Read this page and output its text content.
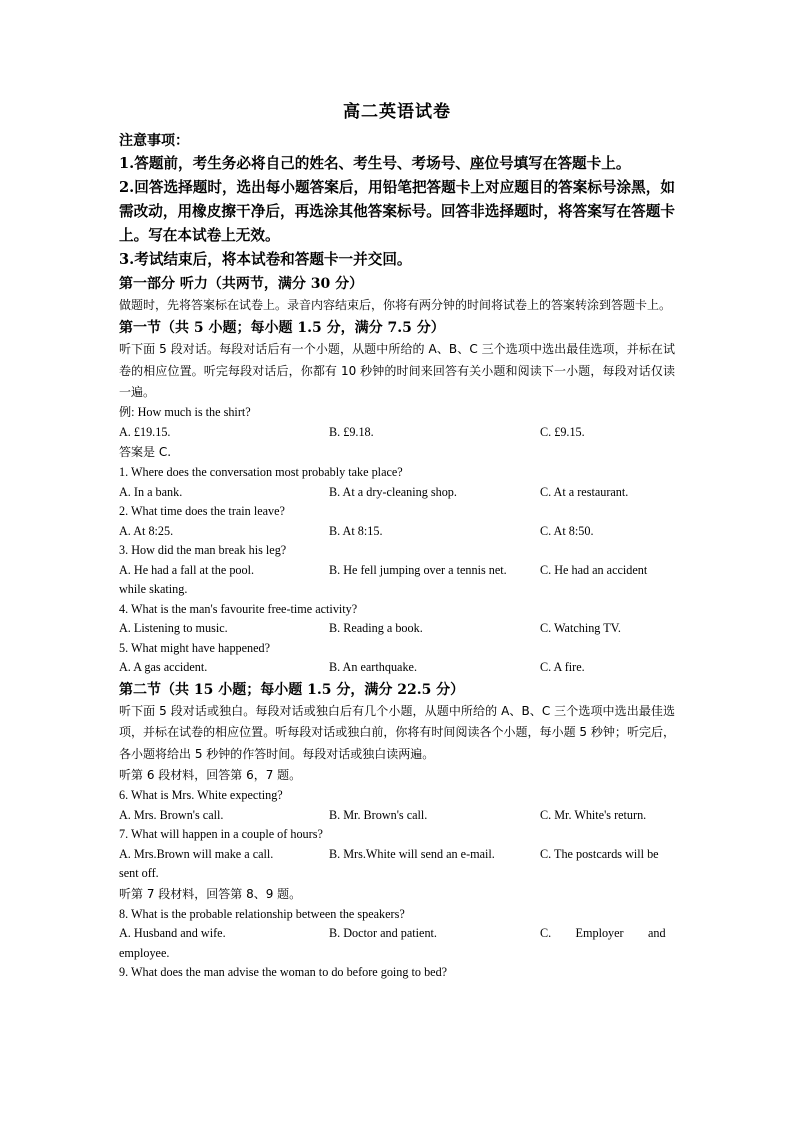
高二英语试卷
注意事项：
1.答题前，考生务必将自己的姓名、考生号、考场号、座位号填写在答题卡上。
2.回答选择题时，选出每小题答案后，用铅笔把答题卡上对应题目的答案标号涂黑，如需改动，用橡皮擦干净后，再选涂其他答案标号。回答非选择题时，将答案写在答题卡上。写在本试卷上无效。
3.考试结束后，将本试卷和答题卡一并交回。
第一部分 听力（共两节，满分 30 分）
做题时，先将答案标在试卷上。录音内容结束后，你将有两分钟的时间将试卷上的答案转涂到答题卡上。
第一节（共 5 小题；每小题 1.5 分，满分 7.5 分）
听下面 5 段对话。每段对话后有一个小题，从题中所给的 A、B、C 三个选项中选出最佳选项，并标在试卷的相应位置。听完每段对话后，你都有 10 秒钟的时间来回答有关小题和阅读下一小题，每段对话仅读一遍。
例: How much is the shirt?
A. £19.15.	B. £9.18.	C. £9.15.
答案是 C.
1. Where does the conversation most probably take place?
A. In a bank.	B. At a dry-cleaning shop.	C. At a restaurant.
2. What time does the train leave?
A. At 8:25.	B. At 8:15.	C. At 8:50.
3. How did the man break his leg?
A. He had a fall at the pool.	B. He fell jumping over a tennis net.	C. He had an accident
while skating.
4. What is the man's favourite free-time activity?
A. Listening to music.	B. Reading a book.	C. Watching TV.
5. What might have happened?
A. A gas accident.	B. An earthquake.	C. A fire.
第二节（共 15 小题；每小题 1.5 分，满分 22.5 分）
听下面 5 段对话或独白。每段对话或独白后有几个小题，从题中所给的 A、B、C 三个选项中选出最佳选项，并标在试卷的相应位置。听每段对话或独白前，你将有时间阅读各个小题，每小题 5 秒钟；听完后，各小题将给出 5 秒钟的作答时间。每段对话或独白读两遍。
听第 6 段材料，回答第 6，7 题。
6. What is Mrs. White expecting?
A. Mrs. Brown's call.	B. Mr. Brown's call.	C. Mr. White's return.
7. What will happen in a couple of hours?
A. Mrs.Brown will make a call.	B. Mrs.White will send an e-mail.	C. The postcards will be
sent off.
听第 7 段材料，回答第 8、9 题。
8. What is the probable relationship between the speakers?
A. Husband and wife.	B. Doctor and patient.	C.        Employer        and
employee.
9. What does the man advise the woman to do before going to bed?
